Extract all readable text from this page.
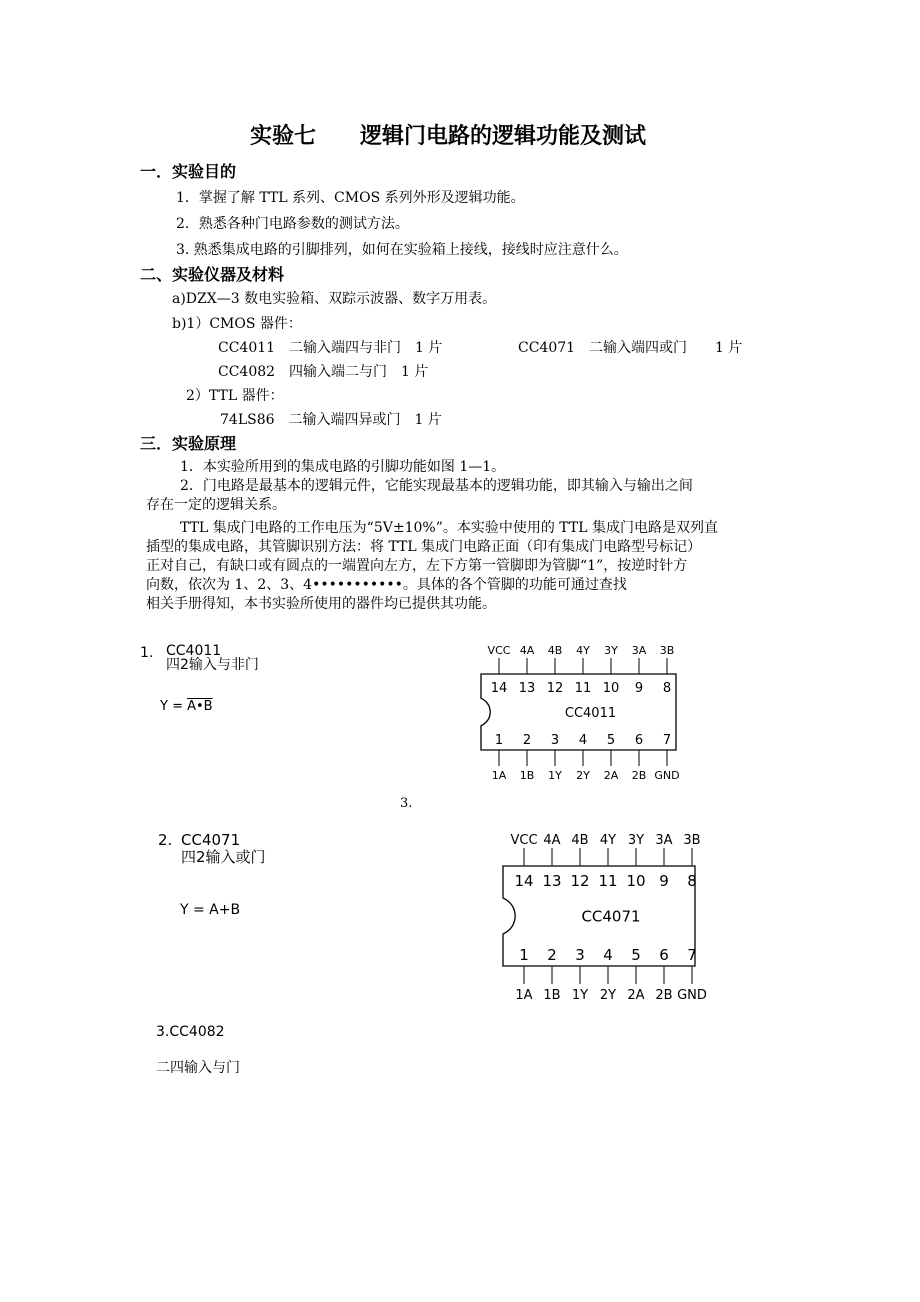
实验七　　逻辑门电路的逻辑功能及测试
一．实验目的
1．掌握了解 TTL 系列、CMOS 系列外形及逻辑功能。
2．熟悉各种门电路参数的测试方法。
3. 熟悉集成电路的引脚排列，如何在实验箱上接线，接线时应注意什么。
二、实验仪器及材料
a)DZX—3 数电实验箱、双踪示波器、数字万用表。
b)1）CMOS 器件：
CC4011　二输入端四与非门　1 片	CC4071　二输入端四或门　　1 片
CC4082　四输入端二与门　1 片
2）TTL 器件：
74LS86　二输入端四异或门　1 片
三．实验原理
1．本实验所用到的集成电路的引脚功能如图 1—1。
2．门电路是最基本的逻辑元件，它能实现最基本的逻辑功能，即其输入与输出之间
存在一定的逻辑关系。
TTL 集成门电路的工作电压为“5V±10%”。本实验中使用的 TTL 集成门电路是双列直
插型的集成电路，其管脚识别方法：将 TTL 集成门电路正面（印有集成门电路型号标记）
正对自己，有缺口或有圆点的一端置向左方，左下方第一管脚即为管脚“1”，按逆时针方
向数，依次为 1、2、3、4•••••••••••。具体的各个管脚的功能可通过查找
相关手册得知，本书实验所使用的器件均已提供其功能。
1. CC4011
四2输入与非门
Y = A•B	CC4011
VCC
14
1
1A
4A
13
2
1B
4B
12
3
1Y
4Y
11
4
2Y
3Y
10
5
2A
3A
9
6
2B
3B
8
7
GND
3.
2. CC4071
四2输入或门
Y = A+B	CC4071
VCC
14
1
1A
4A
13
2
1B
4B
12
3
1Y
4Y
11
4
2Y
3Y
10
5
2A
3A
9
6
2B
3B
8
7
GND
3.CC4082
二四输入与门
